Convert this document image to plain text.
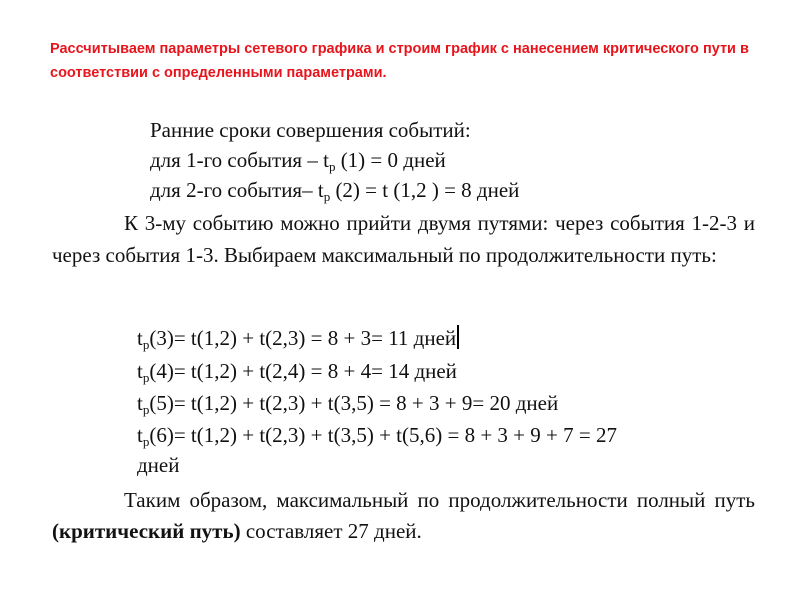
Рассчитываем параметры сетевого графика и строим график с нанесением критического пути в соответствии с определенными параметрами.
Ранние сроки совершения событий:
для 1-го события – $t_р$ (1) = 0 дней
для 2-го события– $t_р$ (2) = t (1,2 ) = 8 дней
К 3-му событию можно прийти двумя путями: через события 1-2-3 и через события 1-3. Выбираем максимальный по продолжительности путь:
$t_р(3)= t(1,2) + t(2,3) = 8 + 3= 11$ дней
$t_р(4)= t(1,2) + t(2,4) = 8 + 4= 14$ дней
$t_р(5)= t(1,2) + t(2,3) + t(3,5) = 8 + 3 + 9= 20$ дней
$t_р(6)= t(1,2) + t(2,3) + t(3,5) + t(5,6) = 8 + 3 + 9 + 7 = 27$
дней
Таким образом, максимальный по продолжительности полный путь (критический путь) составляет 27 дней.
